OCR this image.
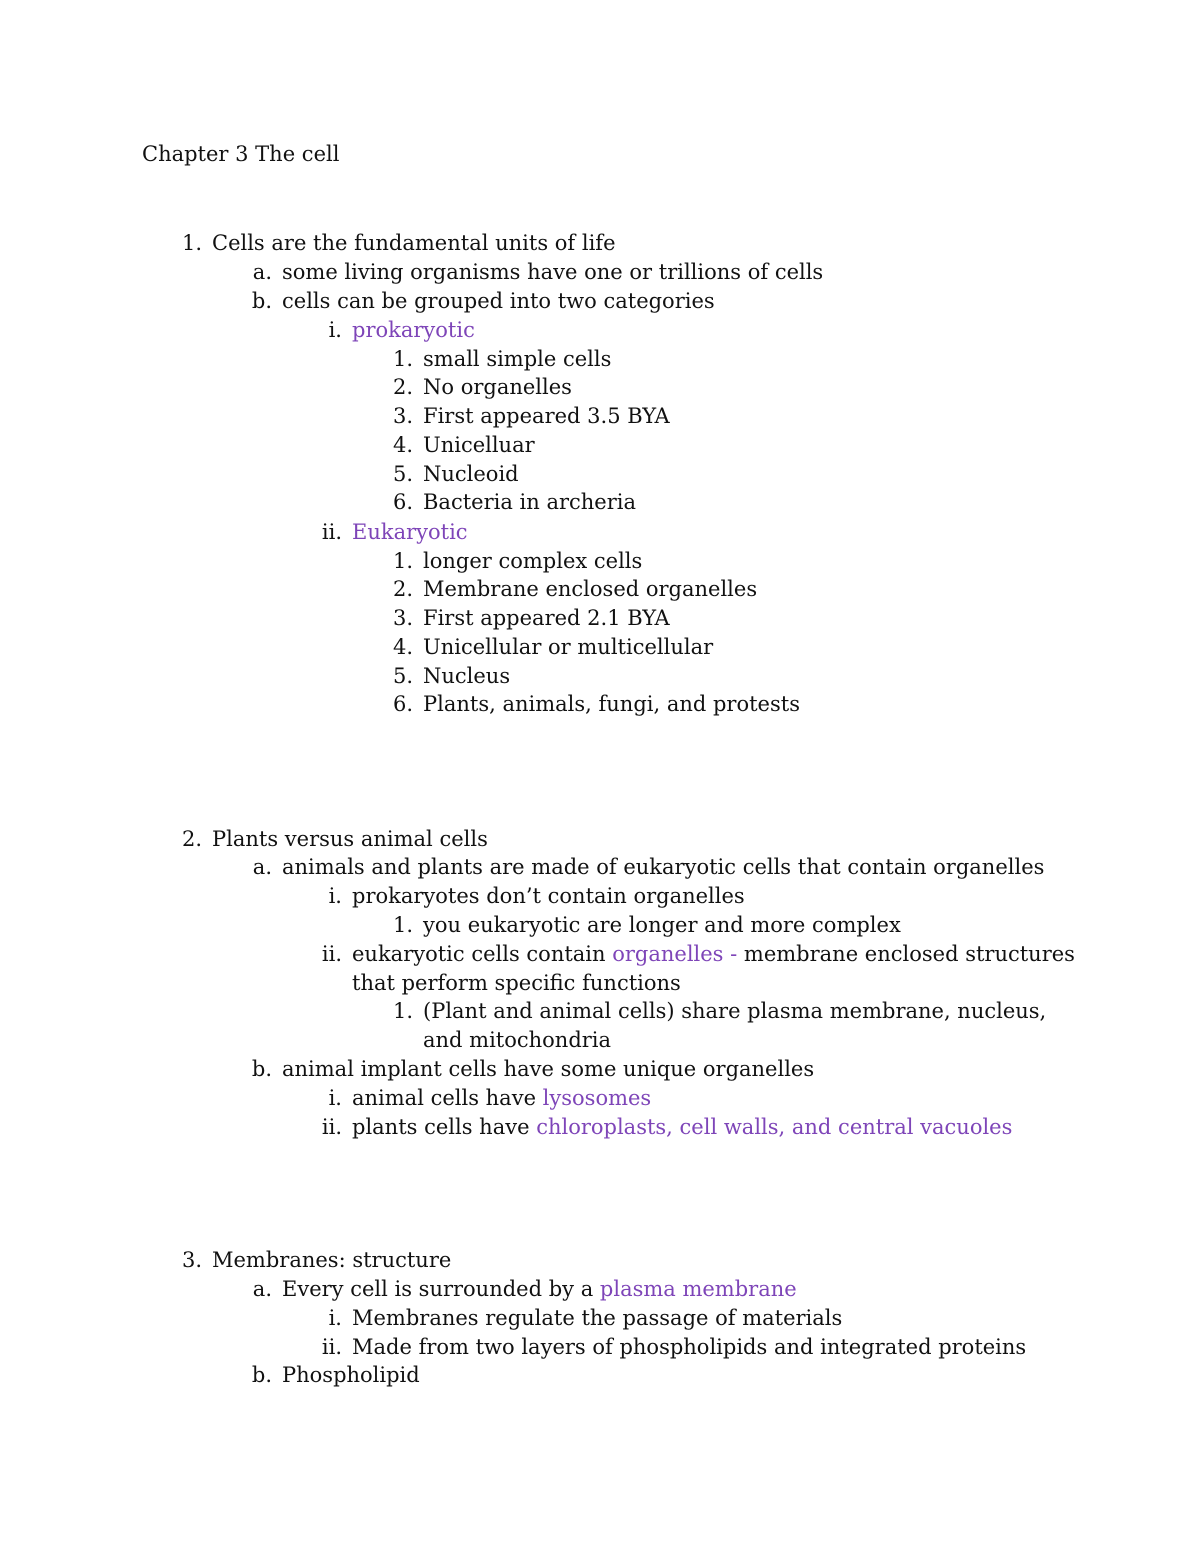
Chapter 3 The cell
1. Cells are the fundamental units of life
a. some living organisms have one or trillions of cells
b. cells can be grouped into two categories
i. prokaryotic
1. small simple cells
2. No organelles
3. First appeared 3.5 BYA
4. Unicelluar
5. Nucleoid
6. Bacteria in archeria
ii. Eukaryotic
1. longer complex cells
2. Membrane enclosed organelles
3. First appeared 2.1 BYA
4. Unicellular or multicellular
5. Nucleus
6. Plants, animals, fungi, and protests
2. Plants versus animal cells
a. animals and plants are made of eukaryotic cells that contain organelles
i. prokaryotes don’t contain organelles
1. you eukaryotic are longer and more complex
ii. eukaryotic cells contain organelles - membrane enclosed structures
that perform specific functions
1. (Plant and animal cells) share plasma membrane, nucleus,
and mitochondria
b. animal implant cells have some unique organelles
i. animal cells have lysosomes
ii. plants cells have chloroplasts, cell walls, and central vacuoles
3. Membranes: structure
a. Every cell is surrounded by a plasma membrane
i. Membranes regulate the passage of materials
ii. Made from two layers of phospholipids and integrated proteins
b. Phospholipid
